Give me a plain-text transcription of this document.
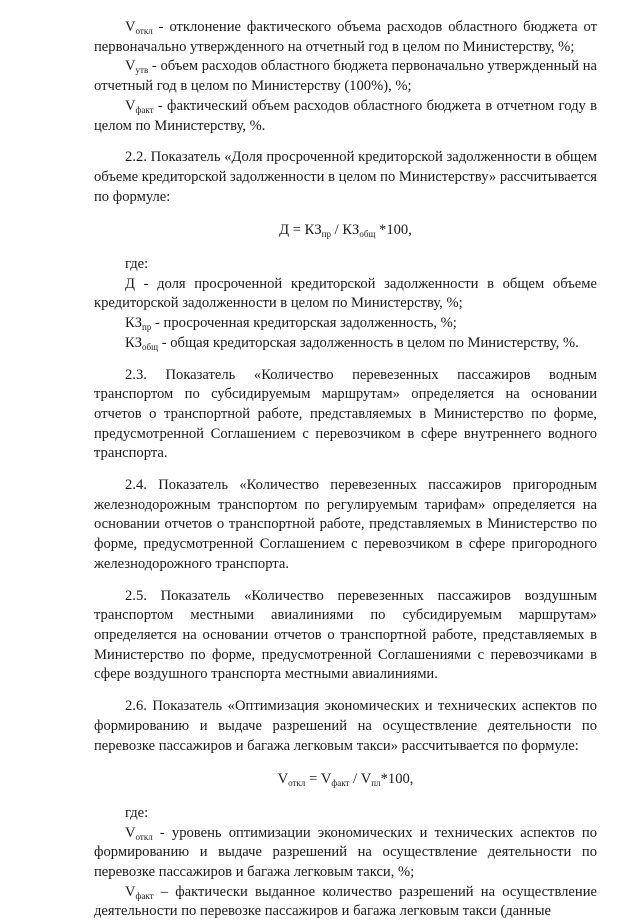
$V_{откл}$ - отклонение фактического объема расходов областного бюджета от первоначально утвержденного на отчетный год в целом по Министерству, %;

$V_{утв}$ - объем расходов областного бюджета первоначально утвержденный на отчетный год в целом по Министерству (100%), %;

$V_{факт}$ - фактический объем расходов областного бюджета в отчетном году в целом по Министерству, %.

2.2. Показатель «Доля просроченной кредиторской задолженности в общем объеме кредиторской задолженности в целом по Министерству» рассчитывается по формуле:

$Д = КЗ_{пр} / КЗ_{общ}$ *100,

где:

Д - доля просроченной кредиторской задолженности в общем объеме кредиторской задолженности в целом по Министерству, %;

$КЗ_{пр}$ - просроченная кредиторская задолженность, %;

$КЗ_{общ}$ - общая кредиторская задолженность в целом по Министерству, %.

2.3. Показатель «Количество перевезенных пассажиров водным транспортом по субсидируемым маршрутам» определяется на основании отчетов о транспортной работе, представляемых в Министерство по форме, предусмотренной Соглашением с перевозчиком в сфере внутреннего водного транспорта.

2.4. Показатель «Количество перевезенных пассажиров пригородным железнодорожным транспортом по регулируемым тарифам» определяется на основании отчетов о транспортной работе, представляемых в Министерство по форме, предусмотренной Соглашением с перевозчиком в сфере пригородного железнодорожного транспорта.

2.5. Показатель «Количество перевезенных пассажиров воздушным транспортом местными авиалиниями по субсидируемым маршрутам» определяется на основании отчетов о транспортной работе, представляемых в Министерство по форме, предусмотренной Соглашениями с перевозчиками в сфере воздушного транспорта местными авиалиниями.

2.6. Показатель «Оптимизация экономических и технических аспектов по формированию и выдаче разрешений на осуществление деятельности по перевозке пассажиров и багажа легковым такси» рассчитывается по формуле:

$V_{откл} = V_{факт} / V_{пл}*100$,

где:

$V_{откл}$ - уровень оптимизации экономических и технических аспектов по формированию и выдаче разрешений на осуществление деятельности по перевозке пассажиров и багажа легковым такси, %;

$V_{факт}$ – фактически выданное количество разрешений на осуществление деятельности по перевозке пассажиров и багажа легковым такси (данные
